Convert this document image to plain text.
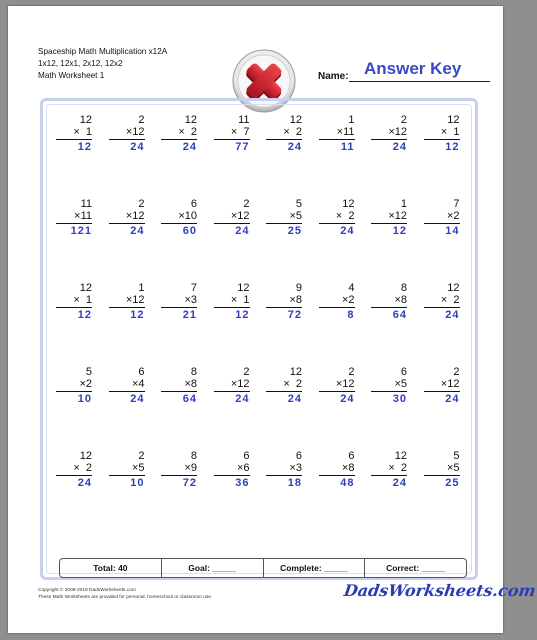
Spaceship Math Multiplication x12A
1x12, 12x1, 2x12, 12x2
Math Worksheet 1	Name: Answer Key
12
×  1
12
2
×12
24
12
×  2
24
11
×  7
77
12
×  2
24
1
×11
11
2
×12
24
12
×  1
12
11
×11
121
2
×12
24
6
×10
60
2
×12
24
5
×5
25
12
×  2
24
1
×12
12
7
×2
14
12
×  1
12
1
×12
12
7
×3
21
12
×  1
12
9
×8
72
4
×2
8
8
×8
64
12
×  2
24
5
×2
10
6
×4
24
8
×8
64
2
×12
24
12
×  2
24
2
×12
24
6
×5
30
2
×12
24
12
×  2
24
2
×5
10
8
×9
72
6
×6
36
6
×3
18
6
×8
48
12
×  2
24
5
×5
25
Total: 40	Goal: _____	Complete: _____	Correct: _____
Copyright © 2008-2019 DadsWorksheets.com
These Math Worksheets are provided for personal, homeschool or classroom use.	DadsWorksheets.com
